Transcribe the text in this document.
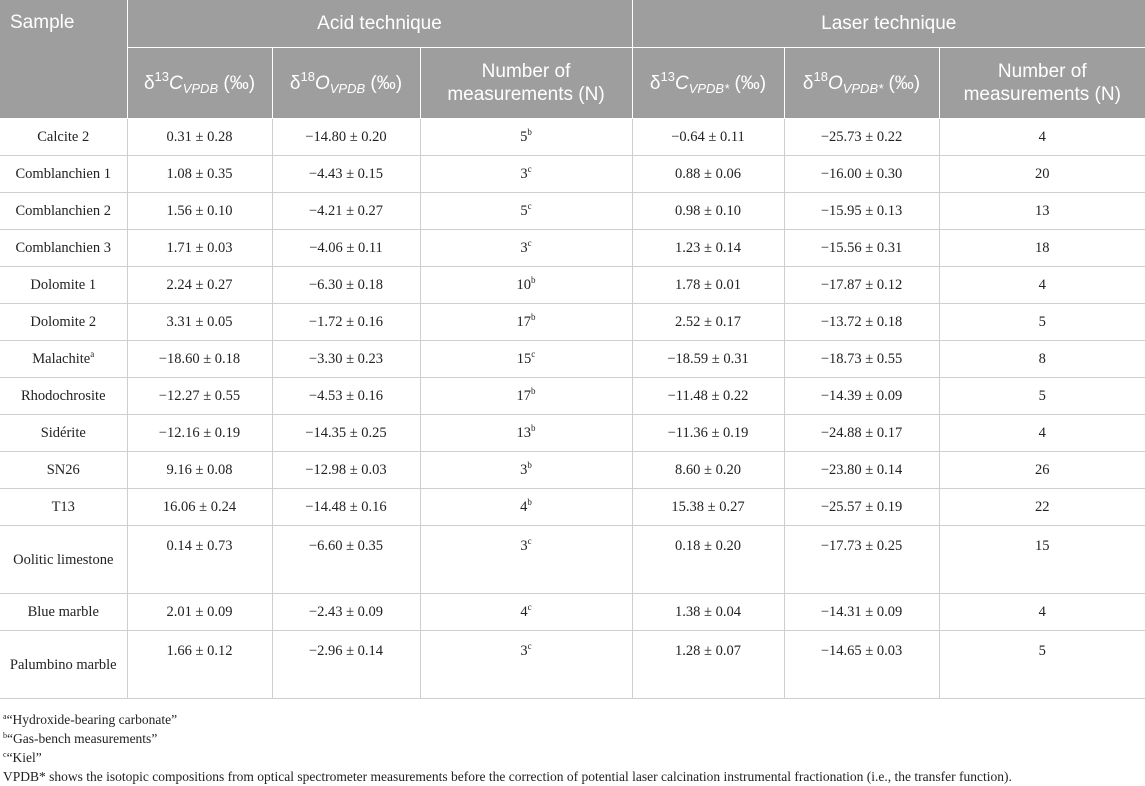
Sample	Acid technique			Laser technique		
	$\delta^{13}C_{VPDB}$ (‰)	$\delta^{18}O_{VPDB}$ (‰)	Number of measurements (N)	$\delta^{13}C_{VPDB*}$ (‰)	$\delta^{18}O_{VPDB*}$ (‰)	Number of measurements (N)
Calcite 2	0.31 ± 0.28	−14.80 ± 0.20	$5^b$	−0.64 ± 0.11	−25.73 ± 0.22	4
Comblanchien 1	1.08 ± 0.35	−4.43 ± 0.15	3$^c$	0.88 ± 0.06	−16.00 ± 0.30	20
Comblanchien 2	1.56 ± 0.10	−4.21 ± 0.27	5$^c$	0.98 ± 0.10	−15.95 ± 0.13	13
Comblanchien 3	1.71 ± 0.03	−4.06 ± 0.11	3$^c$	1.23 ± 0.14	−15.56 ± 0.31	18
Dolomite 1	2.24 ± 0.27	−6.30 ± 0.18	10$^b$	1.78 ± 0.01	−17.87 ± 0.12	4
Dolomite 2	3.31 ± 0.05	−1.72 ± 0.16	17$^b$	2.52 ± 0.17	−13.72 ± 0.18	5
Malachite$^a$	−18.60 ± 0.18	−3.30 ± 0.23	$15^c$	−18.59 ± 0.31	−18.73 ± 0.55	8
Rhodochrosite	−12.27 ± 0.55	−4.53 ± 0.16	$17^b$	−11.48 ± 0.22	−14.39 ± 0.09	5
Sidérite	−12.16 ± 0.19	−14.35 ± 0.25	$13^b$	−11.36 ± 0.19	−24.88 ± 0.17	4
SN26	9.16 ± 0.08	−12.98 ± 0.03	3$^b$	8.60 ± 0.20	−23.80 ± 0.14	26
T13	16.06 ± 0.24	−14.48 ± 0.16	4$^b$	15.38 ± 0.27	−25.57 ± 0.19	22
Oolitic limestone	0.14 ± 0.73	−6.60 ± 0.35	3$^c$	0.18 ± 0.20	−17.73 ± 0.25	15
Blue marble	2.01 ± 0.09	−2.43 ± 0.09	4$^c$	1.38 ± 0.04	−14.31 ± 0.09	4
Palumbino marble	1.66 ± 0.12	−2.96 ± 0.14	3$^c$	1.28 ± 0.07	−14.65 ± 0.03	5
$^a$“Hydroxide-bearing carbonate”
$^b$“Gas-bench measurements”
$^c$“Kiel”
VPDB* shows the isotopic compositions from optical spectrometer measurements before the correction of potential laser calcination instrumental fractionation (i.e., the transfer function).
